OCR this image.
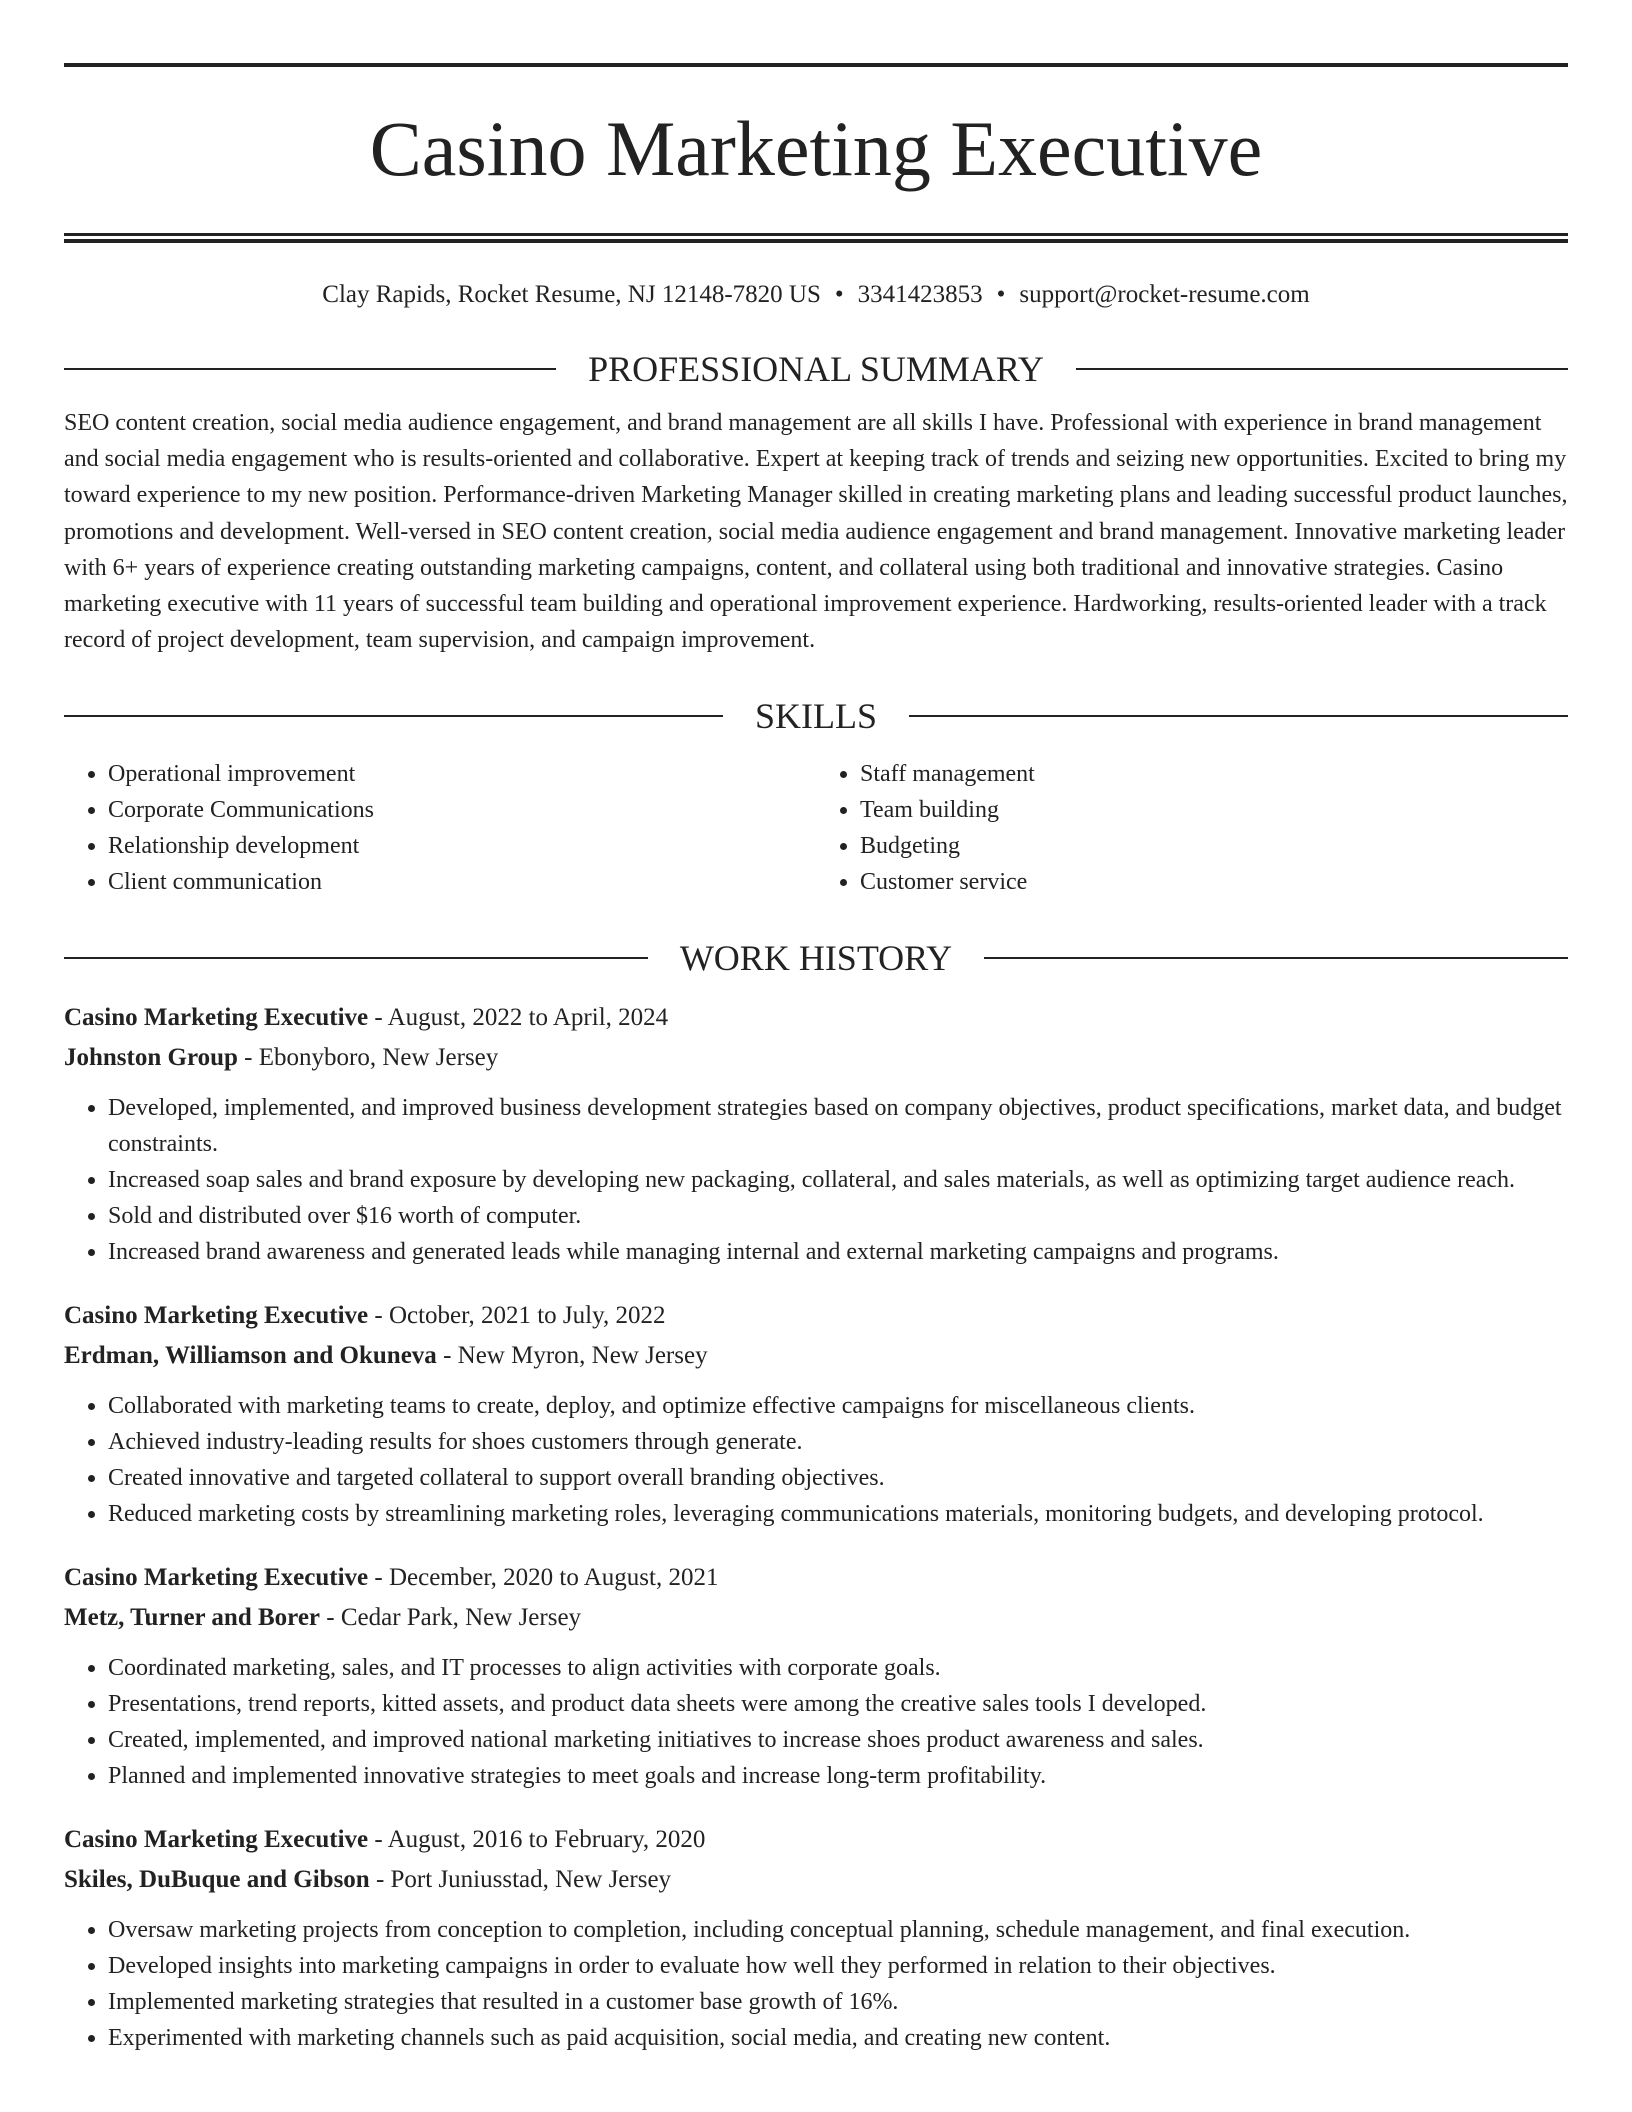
Casino Marketing Executive
Clay Rapids, Rocket Resume, NJ 12148-7820 US • 3341423853 • support@rocket-resume.com
PROFESSIONAL SUMMARY
SEO content creation, social media audience engagement, and brand management are all skills I have. Professional with experience in brand management and social media engagement who is results-oriented and collaborative. Expert at keeping track of trends and seizing new opportunities. Excited to bring my toward experience to my new position. Performance-driven Marketing Manager skilled in creating marketing plans and leading successful product launches, promotions and development. Well-versed in SEO content creation, social media audience engagement and brand management. Innovative marketing leader with 6+ years of experience creating outstanding marketing campaigns, content, and collateral using both traditional and innovative strategies. Casino marketing executive with 11 years of successful team building and operational improvement experience. Hardworking, results-oriented leader with a track record of project development, team supervision, and campaign improvement.
SKILLS
• Operational improvement
• Corporate Communications
• Relationship development
• Client communication
• Staff management
• Team building
• Budgeting
• Customer service
WORK HISTORY
Casino Marketing Executive - August, 2022 to April, 2024
Johnston Group - Ebonyboro, New Jersey
• Developed, implemented, and improved business development strategies based on company objectives, product specifications, market data, and budget constraints.
• Increased soap sales and brand exposure by developing new packaging, collateral, and sales materials, as well as optimizing target audience reach.
• Sold and distributed over $16 worth of computer.
• Increased brand awareness and generated leads while managing internal and external marketing campaigns and programs.
Casino Marketing Executive - October, 2021 to July, 2022
Erdman, Williamson and Okuneva - New Myron, New Jersey
• Collaborated with marketing teams to create, deploy, and optimize effective campaigns for miscellaneous clients.
• Achieved industry-leading results for shoes customers through generate.
• Created innovative and targeted collateral to support overall branding objectives.
• Reduced marketing costs by streamlining marketing roles, leveraging communications materials, monitoring budgets, and developing protocol.
Casino Marketing Executive - December, 2020 to August, 2021
Metz, Turner and Borer - Cedar Park, New Jersey
• Coordinated marketing, sales, and IT processes to align activities with corporate goals.
• Presentations, trend reports, kitted assets, and product data sheets were among the creative sales tools I developed.
• Created, implemented, and improved national marketing initiatives to increase shoes product awareness and sales.
• Planned and implemented innovative strategies to meet goals and increase long-term profitability.
Casino Marketing Executive - August, 2016 to February, 2020
Skiles, DuBuque and Gibson - Port Juniusstad, New Jersey
• Oversaw marketing projects from conception to completion, including conceptual planning, schedule management, and final execution.
• Developed insights into marketing campaigns in order to evaluate how well they performed in relation to their objectives.
• Implemented marketing strategies that resulted in a customer base growth of 16%.
• Experimented with marketing channels such as paid acquisition, social media, and creating new content.
